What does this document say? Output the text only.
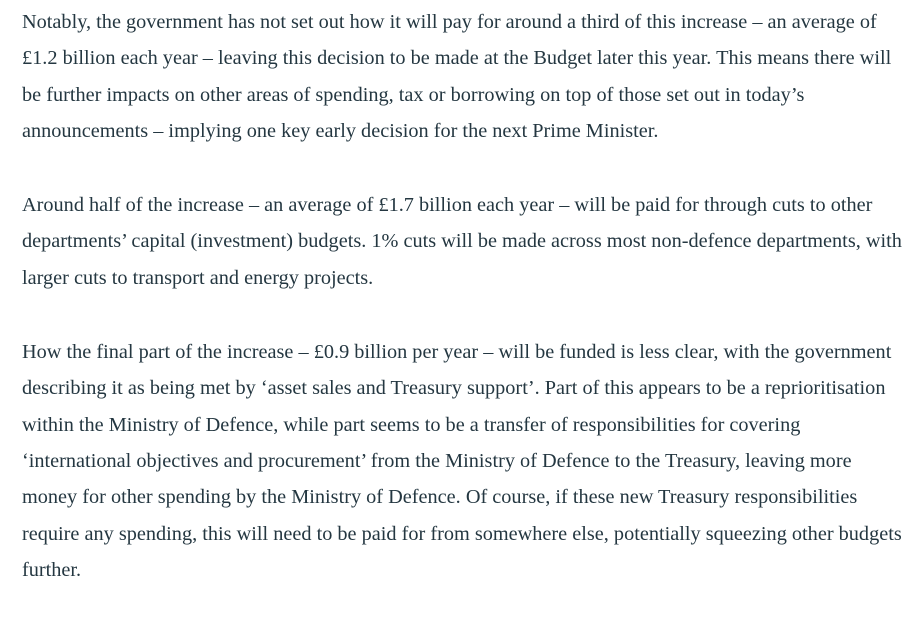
Notably, the government has not set out how it will pay for around a third of this increase – an average of £1.2 billion each year – leaving this decision to be made at the Budget later this year. This means there will be further impacts on other areas of spending, tax or borrowing on top of those set out in today’s announcements – implying one key early decision for the next Prime Minister.

Around half of the increase – an average of £1.7 billion each year – will be paid for through cuts to other departments’ capital (investment) budgets. 1% cuts will be made across most non-defence departments, with larger cuts to transport and energy projects.

How the final part of the increase – £0.9 billion per year – will be funded is less clear, with the government describing it as being met by ‘asset sales and Treasury support’. Part of this appears to be a reprioritisation within the Ministry of Defence, while part seems to be a transfer of responsibilities for covering ‘international objectives and procurement’ from the Ministry of Defence to the Treasury, leaving more money for other spending by the Ministry of Defence. Of course, if these new Treasury responsibilities require any spending, this will need to be paid for from somewhere else, potentially squeezing other budgets further.
